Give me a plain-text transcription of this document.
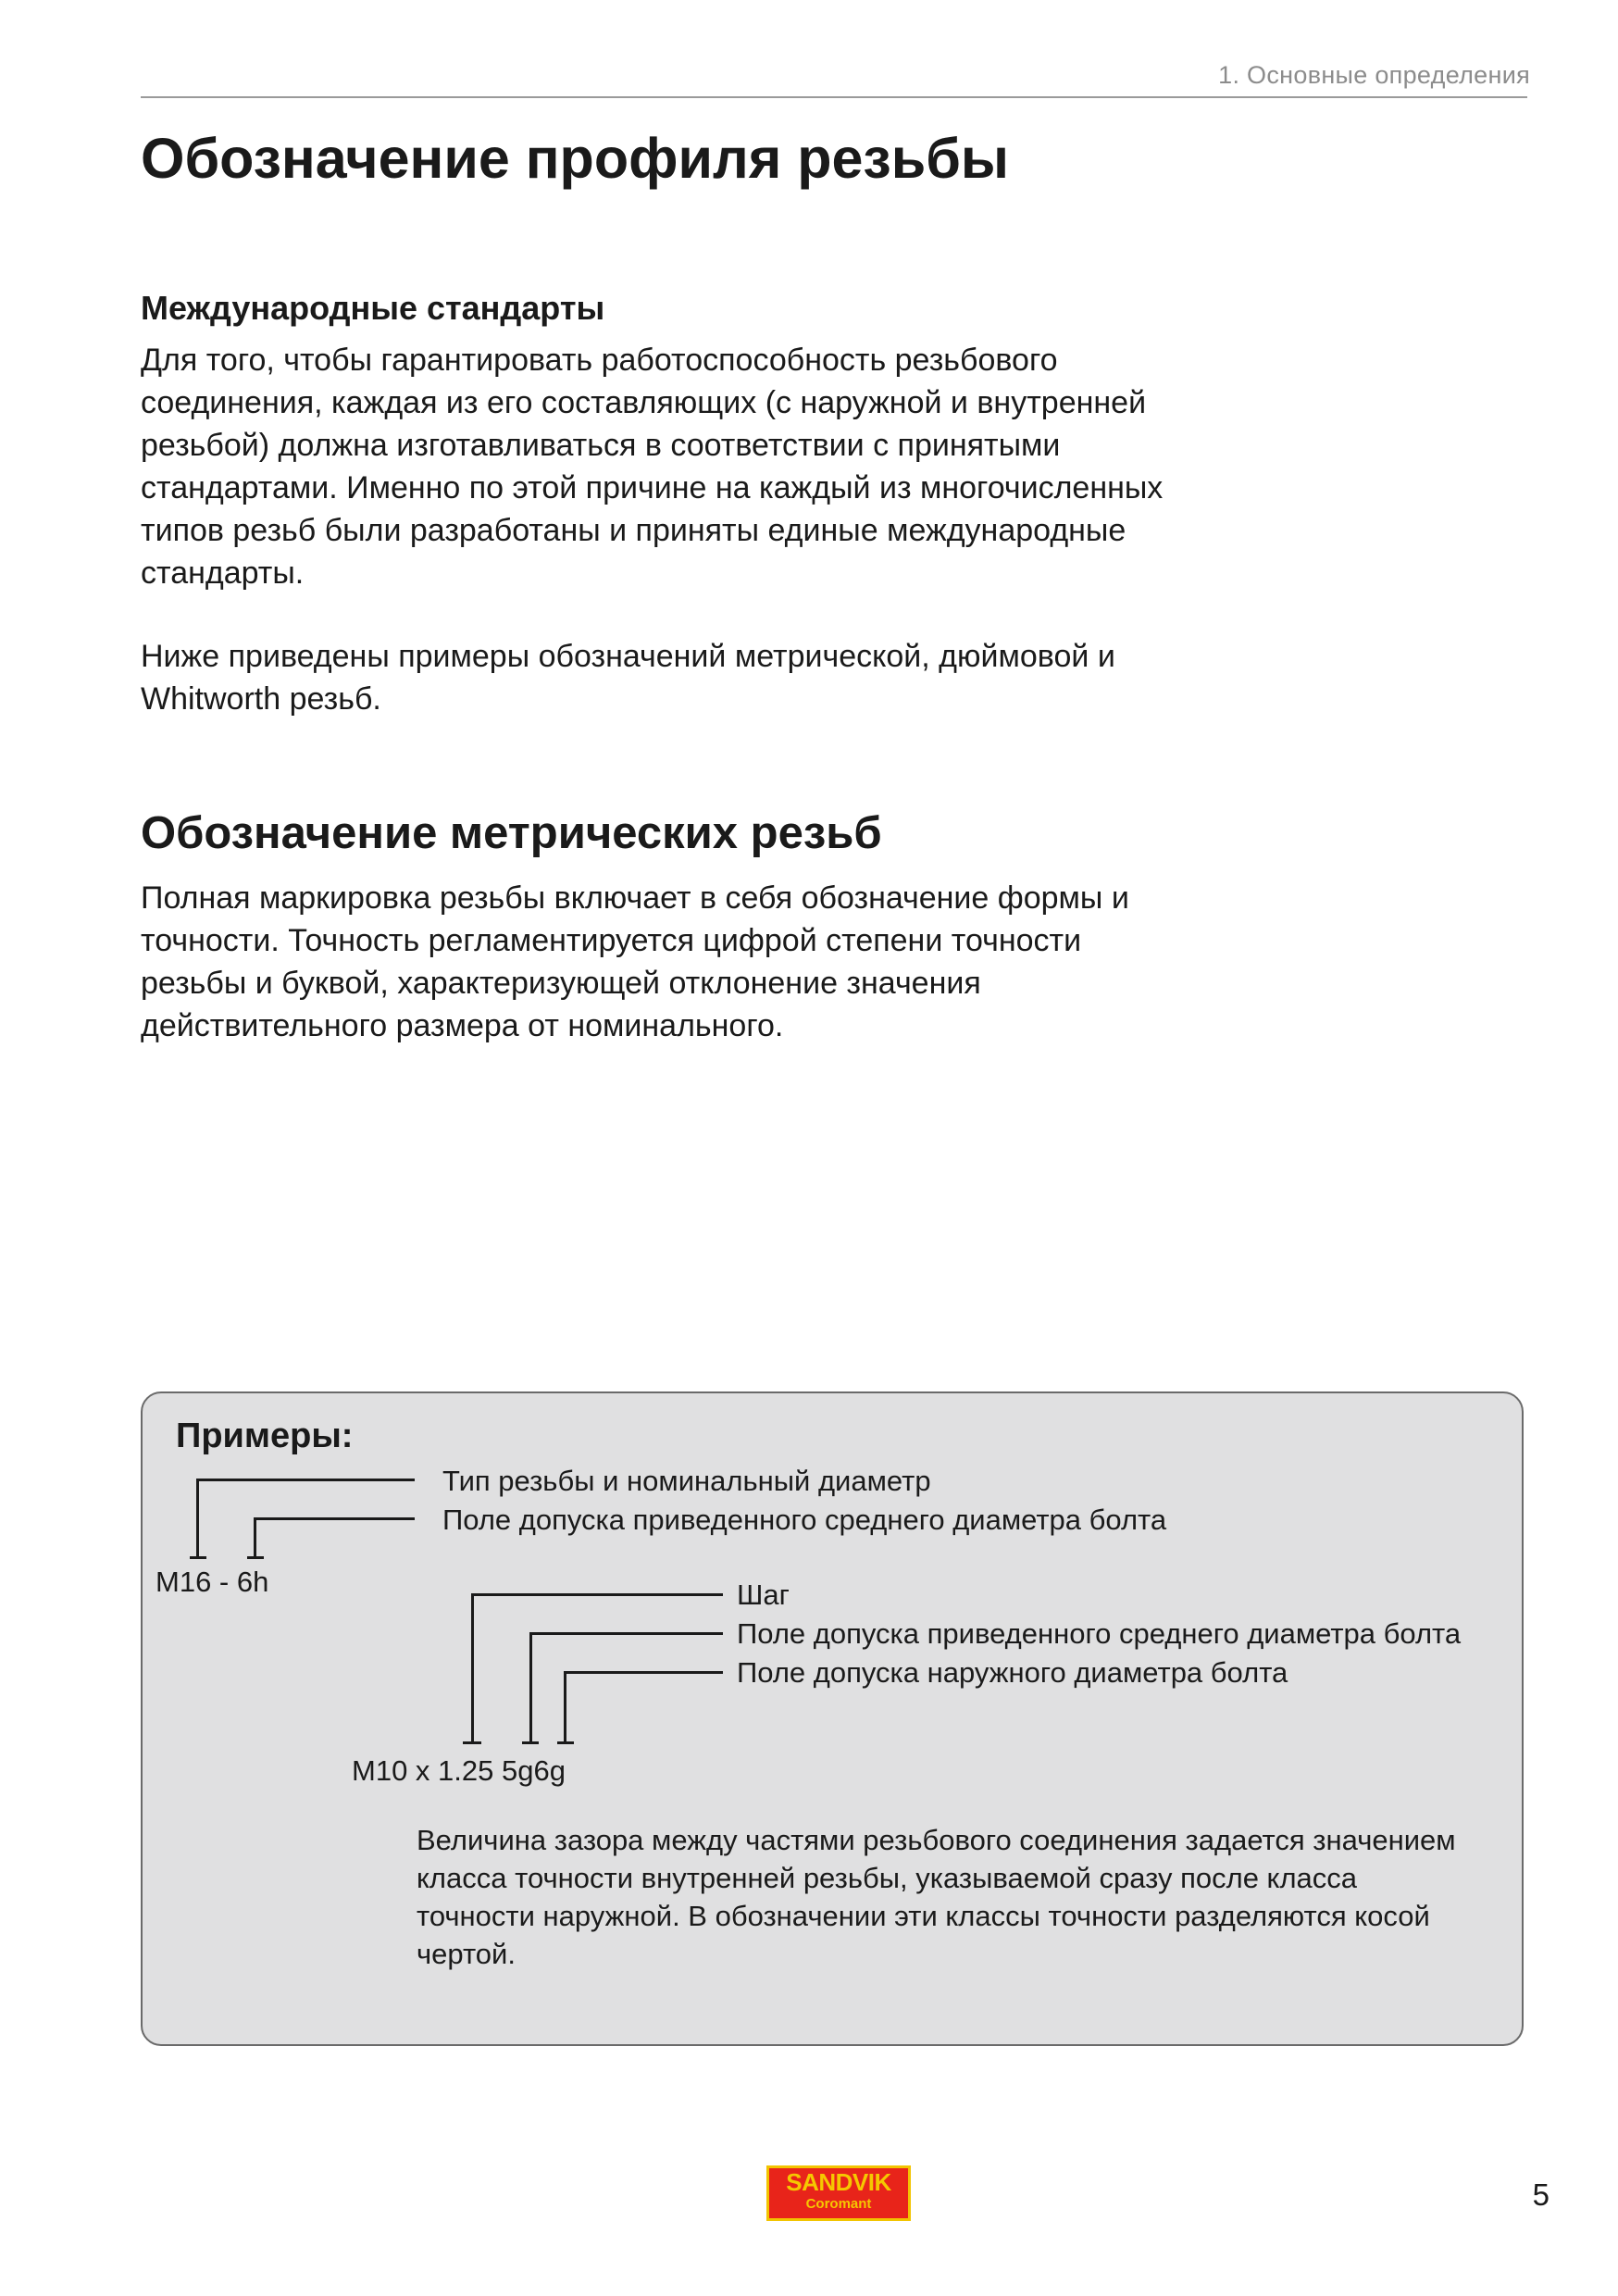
1. Основные определения
Обозначение профиля резьбы
Международные стандарты

Для того, чтобы гарантировать работоспособность резьбового соединения, каждая из его составляющих (с наружной и внутренней резьбой) должна изготавливаться в соответствии с принятыми стандартами. Именно по этой причине на каждый из многочисленных типов резьб были разработаны и приняты единые международные стандарты.

Ниже приведены примеры обозначений метрической, дюймовой и Whitworth резьб.

Обозначение метрических резьб

Полная маркировка резьбы включает в себя обозначение формы и точности. Точность регламентируется цифрой степени точности резьбы и буквой, характеризующей отклонение значения действительного размера от номинального.

Примеры:
Тип резьбы и номинальный диаметр
Поле допуска приведенного среднего диаметра болта
M16 - 6h	Шаг
Поле допуска приведенного среднего диаметра болта
Поле допуска наружного диаметра болта
M10 x 1.25 5g6g

Величина зазора между частями резьбового соединения задается значением класса точности внутренней резьбы, указываемой сразу после класса точности наружной. В обозначении эти классы точности разделяются косой чертой.

SANDVIK
Coromant	5
